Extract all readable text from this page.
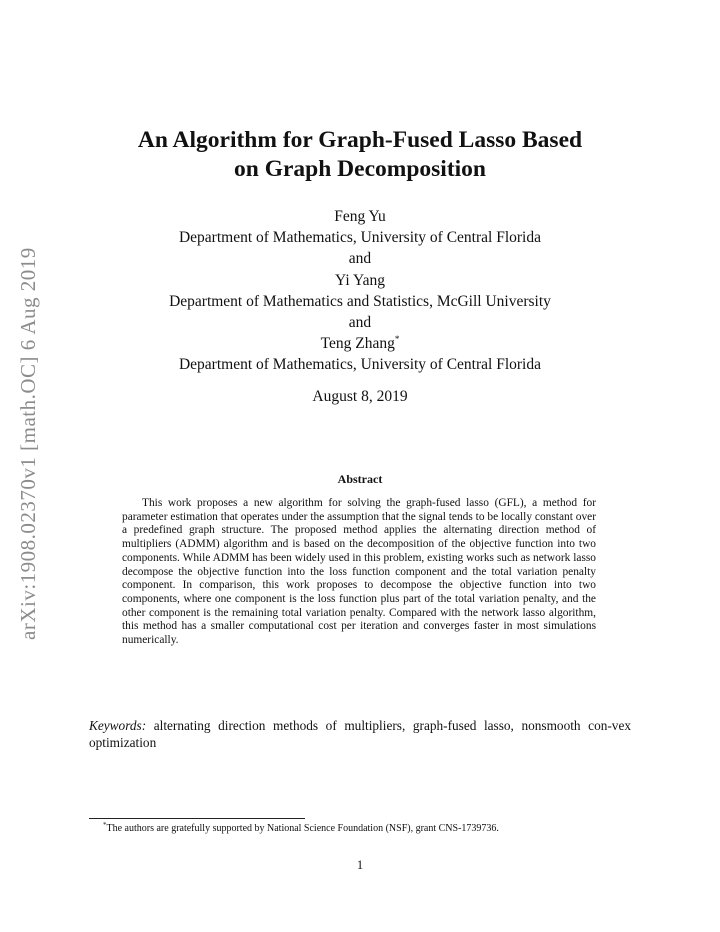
arXiv:1908.02370v1 [math.OC] 6 Aug 2019
An Algorithm for Graph-Fused Lasso Based
on Graph Decomposition
Feng Yu
Department of Mathematics, University of Central Florida
and
Yi Yang
Department of Mathematics and Statistics, McGill University
and
Teng Zhang*
Department of Mathematics, University of Central Florida
August 8, 2019
Abstract
This work proposes a new algorithm for solving the graph-fused lasso (GFL), a method for parameter estimation that operates under the assumption that the signal tends to be locally constant over a predefined graph structure. The proposed method applies the alternating direction method of multipliers (ADMM) algorithm and is based on the decomposition of the objective function into two components. While ADMM has been widely used in this problem, existing works such as network lasso decompose the objective function into the loss function component and the total variation penalty component. In comparison, this work proposes to decompose the objective function into two components, where one component is the loss function plus part of the total variation penalty, and the other component is the remaining total variation penalty. Compared with the network lasso algorithm, this method has a smaller computational cost per iteration and converges faster in most simulations numerically.
Keywords: alternating direction methods of multipliers, graph-fused lasso, nonsmooth con-vex optimization
*The authors are gratefully supported by National Science Foundation (NSF), grant CNS-1739736.
1
